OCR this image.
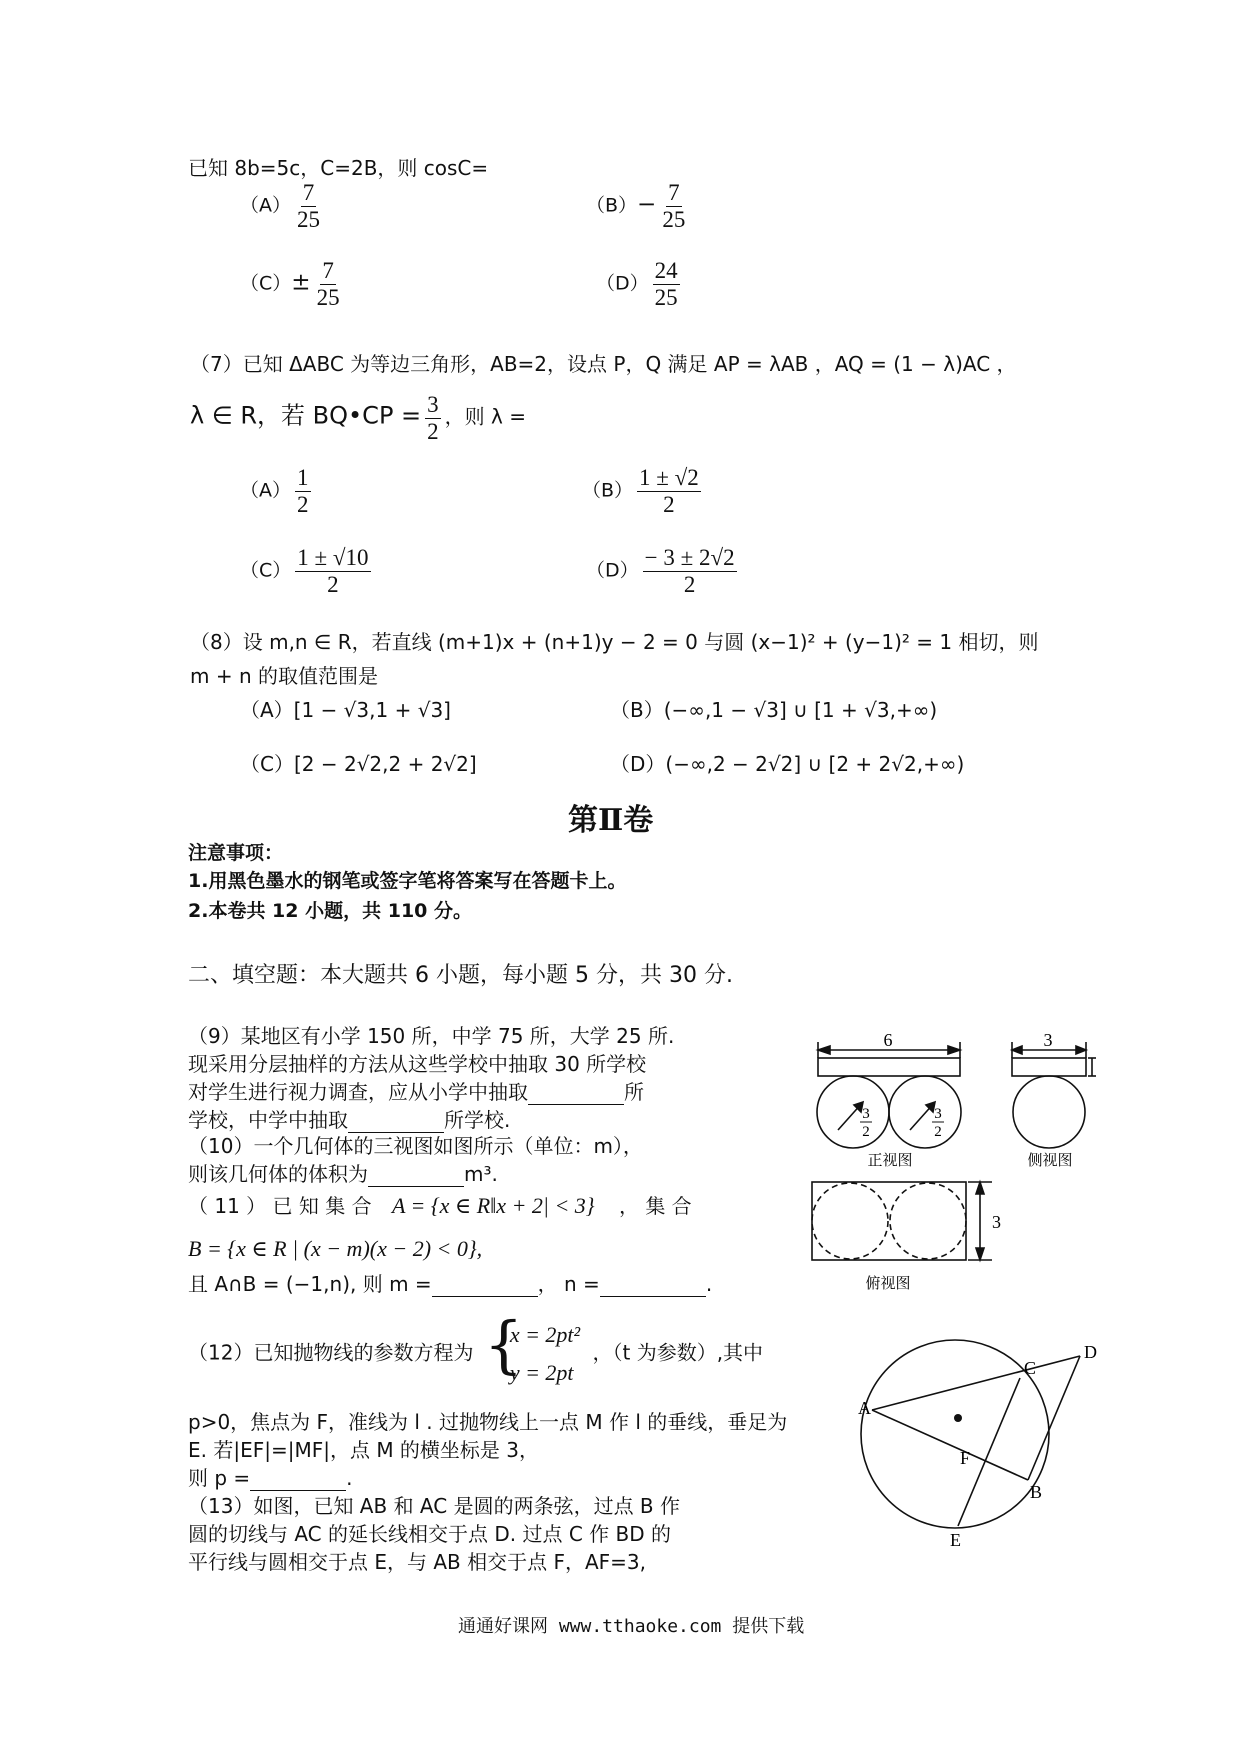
已知 8b=5c，C=2B，则 cosC=
$(A) \frac{7}{25}$	$(B)- \frac{7}{25}$
$(C)\pm \frac{7}{25}$	$(D) \frac{24}{25}$
（7）已知 ΔABC 为等边三角形，AB=2，设点 P，Q 满足 AP = λAB ，AQ = (1 − λ)AC ，
λ ∈ R，若 BQ•CP = $\frac{3}{2}$ ，则 λ =
$(A) \frac{1}{2}$	$(B) \frac{1 \pm √2}{2}$
$(C) \frac{1 \pm √10}{2}$	$(D) \frac{- 3 \pm 2√2}{2}$
（8）设 m,n ∈ R，若直线 (m+1)x + (n+1)y − 2 = 0 与圆 (x−1)² + (y−1)² = 1 相切，则
m + n 的取值范围是
（A）[1 − √3,1 + √3]	（B）(−∞,1 − √3] ∪ [1 + √3,+∞)
（C）[2 − 2√2,2 + 2√2]	（D）(−∞,2 − 2√2] ∪ [2 + 2√2,+∞)
第Ⅱ卷
注意事项：
1.用黑色墨水的钢笔或签字笔将答案写在答题卡上。
2.本卷共 12 小题，共 110 分。
二、填空题：本大题共 6 小题，每小题 5 分，共 30 分.
（9）某地区有小学 150 所，中学 75 所，大学 25 所.
现采用分层抽样的方法从这些学校中抽取 30 所学校
对学生进行视力调查，应从小学中抽取	所
学校，中学中抽取	所学校.
（10）一个几何体的三视图如图所示（单位：m），
则该几何体的体积为	m³.
（ 11 ） 已 知 集 合 A = {x ∈ R‖x + 2| < 3} ， 集 合
B = {x ∈ R | (x − m)(x − 2) < 0},
且 A∩B = (−1,n), 则 m =	， n =	.
（12）已知抛物线的参数方程为 {
x = 2pt²
y = 2pt
，（t 为参数）,其中
p>0，焦点为 F，准线为 l . 过抛物线上一点 M 作 l 的垂线，垂足为
E. 若|EF|=|MF|，点 M 的横坐标是 3，
则 p =	.
（13）如图，已知 AB 和 AC 是圆的两条弦，过点 B 作
圆的切线与 AC 的延长线相交于点 D. 过点 C 作 BD 的
平行线与圆相交于点 E，与 AB 相交于点 F，AF=3,
6
3
2
3
2
正视图
3
侧视图
3
俯视图
A
B
C
D
E
F
通通好课网 www.tthaoke.com 提供下载
